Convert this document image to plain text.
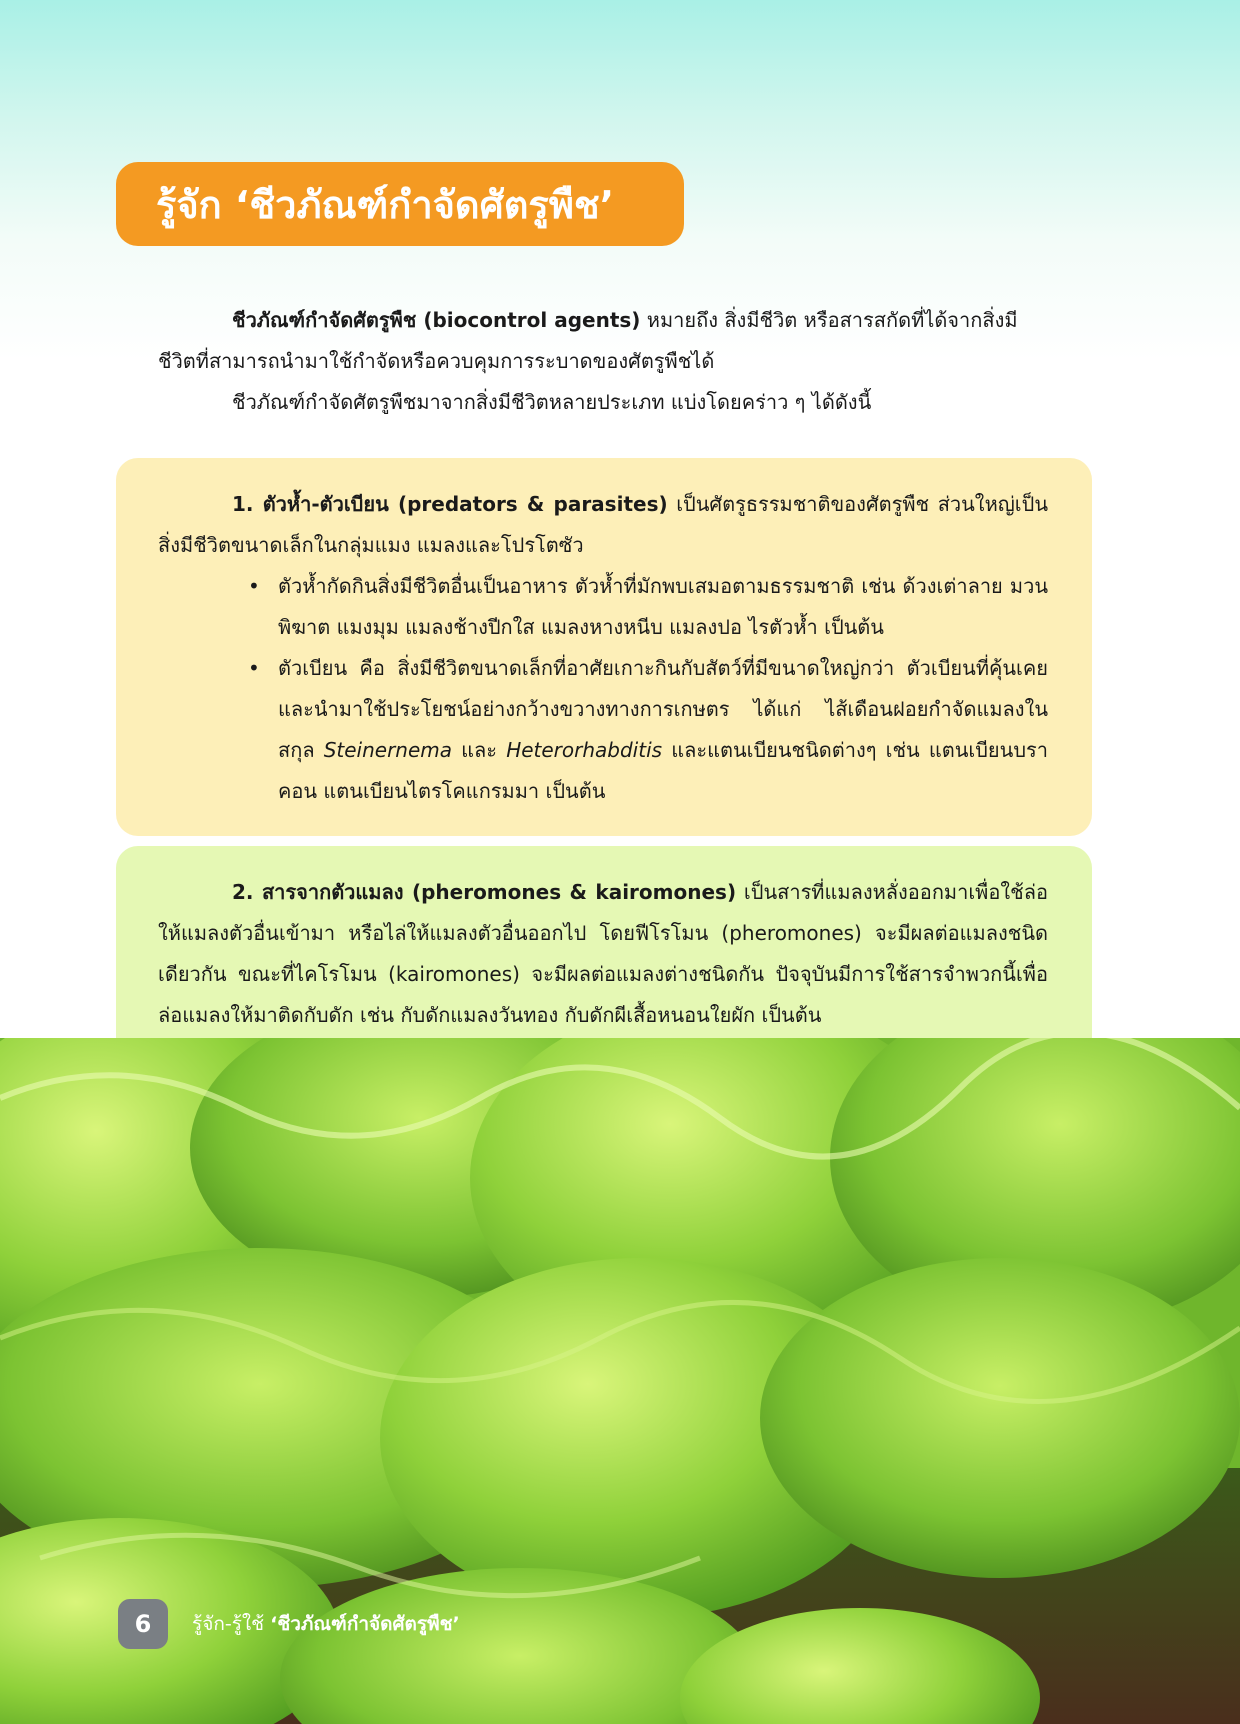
รู้จัก ‘ชีวภัณฑ์กำจัดศัตรูพืช’

ชีวภัณฑ์กำจัดศัตรูพืช (biocontrol agents) หมายถึง สิ่งมีชีวิต หรือสารสกัดที่ได้จากสิ่งมีชีวิตที่สามารถนำมาใช้กำจัดหรือควบคุมการระบาดของศัตรูพืชได้

ชีวภัณฑ์กำจัดศัตรูพืชมาจากสิ่งมีชีวิตหลายประเภท แบ่งโดยคร่าว ๆ ได้ดังนี้

1. ตัวห้ำ-ตัวเบียน (predators & parasites) เป็นศัตรูธรรมชาติของศัตรูพืช ส่วนใหญ่เป็นสิ่งมีชีวิตขนาดเล็กในกลุ่มแมง แมลงและโปรโตซัว

• ตัวห้ำกัดกินสิ่งมีชีวิตอื่นเป็นอาหาร ตัวห้ำที่มักพบเสมอตามธรรมชาติ เช่น ด้วงเต่าลาย มวนพิฆาต แมงมุม แมลงช้างปีกใส แมลงหางหนีบ แมลงปอ ไรตัวห้ำ เป็นต้น
• ตัวเบียน คือ สิ่งมีชีวิตขนาดเล็กที่อาศัยเกาะกินกับสัตว์ที่มีขนาดใหญ่กว่า ตัวเบียนที่คุ้นเคยและนำมาใช้ประโยชน์อย่างกว้างขวางทางการเกษตร ได้แก่ ไส้เดือนฝอยกำจัดแมลงในสกุล Steinernema และ Heterorhabditis และแตนเบียนชนิดต่างๆ เช่น แตนเบียนบราคอน แตนเบียนไตรโคแกรมมา เป็นต้น

2. สารจากตัวแมลง (pheromones & kairomones) เป็นสารที่แมลงหลั่งออกมาเพื่อใช้ล่อให้แมลงตัวอื่นเข้ามา หรือไล่ให้แมลงตัวอื่นออกไป โดยฟีโรโมน (pheromones) จะมีผลต่อแมลงชนิดเดียวกัน ขณะที่ไคโรโมน (kairomones) จะมีผลต่อแมลงต่างชนิดกัน ปัจจุบันมีการใช้สารจำพวกนี้เพื่อล่อแมลงให้มาติดกับดัก เช่น กับดักแมลงวันทอง กับดักผีเสื้อหนอนใยผัก เป็นต้น

6	รู้จัก-รู้ใช้ ‘ชีวภัณฑ์กำจัดศัตรูพืช’
